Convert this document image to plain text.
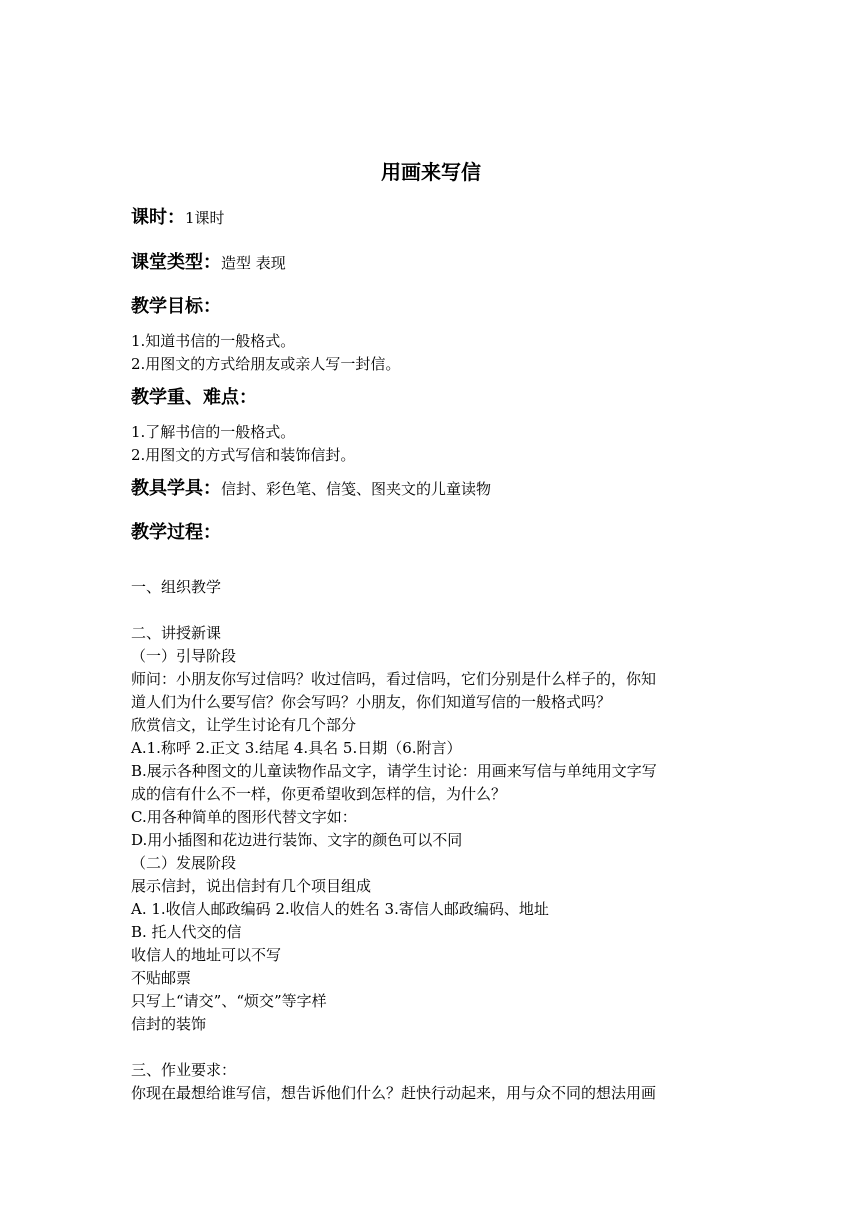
用画来写信
课时：1课时
课堂类型：造型 表现
教学目标：
1.知道书信的一般格式。
2.用图文的方式给朋友或亲人写一封信。
教学重、难点：
1.了解书信的一般格式。
2.用图文的方式写信和装饰信封。
教具学具：信封、彩色笔、信笺、图夹文的儿童读物
教学过程：
一、组织教学
二、讲授新课
（一）引导阶段
师问：小朋友你写过信吗？收过信吗，看过信吗，它们分别是什么样子的，你知
道人们为什么要写信？你会写吗？小朋友，你们知道写信的一般格式吗？
欣赏信文，让学生讨论有几个部分
A.1.称呼 2.正文 3.结尾 4.具名 5.日期（6.附言）
B.展示各种图文的儿童读物作品文字，请学生讨论：用画来写信与单纯用文字写
成的信有什么不一样，你更希望收到怎样的信，为什么？
C.用各种简单的图形代替文字如：
D.用小插图和花边进行装饰、文字的颜色可以不同
（二）发展阶段
展示信封，说出信封有几个项目组成
A. 1.收信人邮政编码 2.收信人的姓名 3.寄信人邮政编码、地址
B. 托人代交的信
收信人的地址可以不写
不贴邮票
只写上“请交”、“烦交”等字样
信封的装饰
三、作业要求：
你现在最想给谁写信，想告诉他们什么？赶快行动起来，用与众不同的想法用画
